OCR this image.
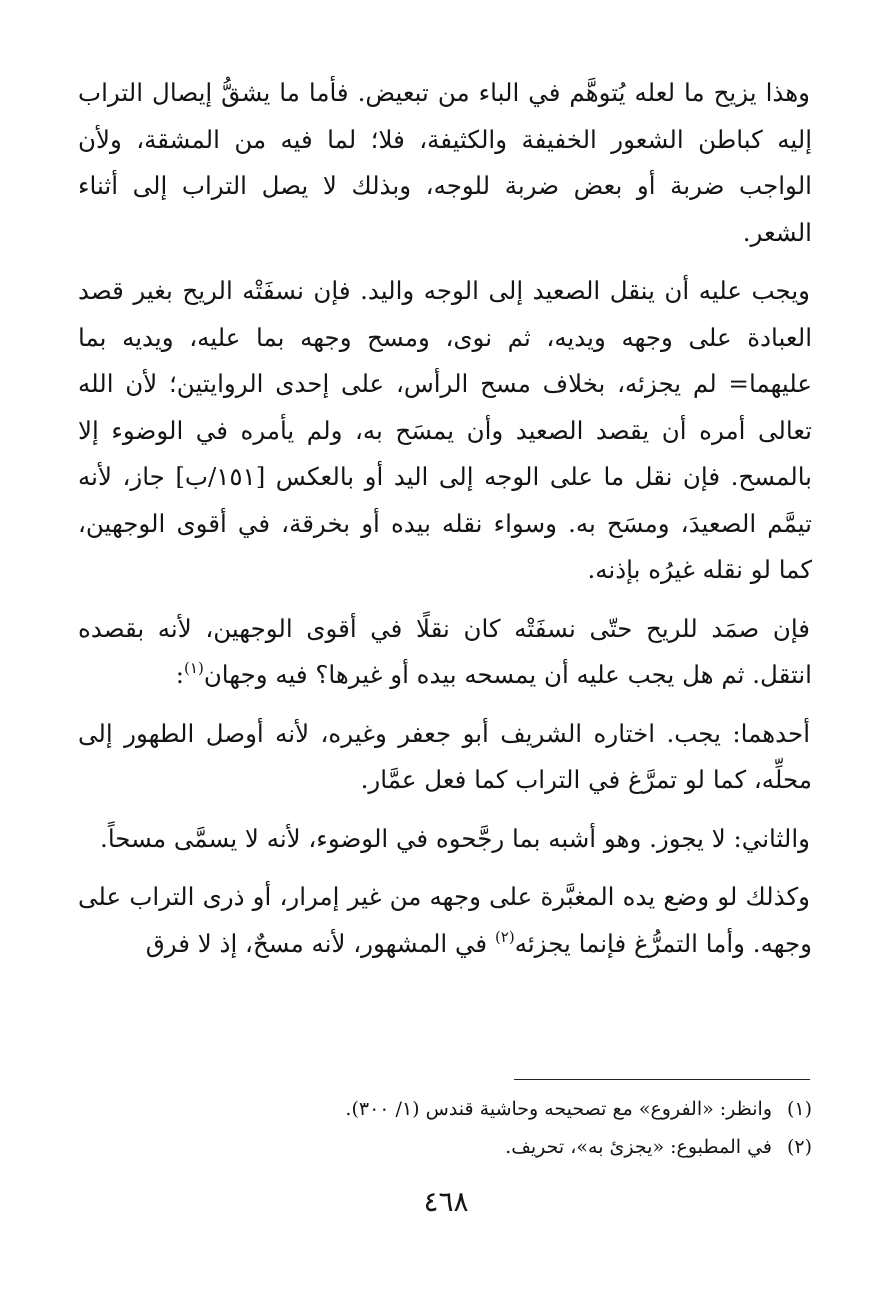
وهذا يزيح ما لعله يُتوهَّم في الباء من تبعيض. فأما ما يشقُّ إيصال التراب إليه كباطن الشعور الخفيفة والكثيفة، فلا؛ لما فيه من المشقة، ولأن الواجب ضربة أو بعض ضربة للوجه، وبذلك لا يصل التراب إلى أثناء الشعر.

ويجب عليه أن ينقل الصعيد إلى الوجه واليد. فإن نسفَتْه الريح بغير قصد العبادة على وجهه ويديه، ثم نوى، ومسح وجهه بما عليه، ويديه بما عليهما= لم يجزئه، بخلاف مسح الرأس، على إحدى الروايتين؛ لأن الله تعالى أمره أن يقصد الصعيد وأن يمسَح به، ولم يأمره في الوضوء إلا بالمسح. فإن نقل ما على الوجه إلى اليد أو بالعكس [١٥١/ب] جاز، لأنه تيمَّم الصعيدَ، ومسَح به. وسواء نقله بيده أو بخرقة، في أقوى الوجهين، كما لو نقله غيرُه بإذنه.

فإن صمَد للريح حتّى نسفَتْه كان نقلًا في أقوى الوجهين، لأنه بقصده انتقل. ثم هل يجب عليه أن يمسحه بيده أو غيرها؟ فيه وجهان$^{(١)}$:

أحدهما: يجب. اختاره الشريف أبو جعفر وغيره، لأنه أوصل الطهور إلى محلِّه، كما لو تمرَّغ في التراب كما فعل عمَّار.

والثاني: لا يجوز. وهو أشبه بما رجَّحوه في الوضوء، لأنه لا يسمَّى مسحاً.

وكذلك لو وضع يده المغبَّرة على وجهه من غير إمرار، أو ذرى التراب على وجهه. وأما التمرُّغ فإنما يجزئه$^{(٢)}$ في المشهور، لأنه مسحٌ، إذ لا فرق

(١)وانظر: «الفروع» مع تصحيحه وحاشية قندس (١/ ٣٠٠).

(٢)في المطبوع: «يجزئ به»، تحريف.

٤٦٨
